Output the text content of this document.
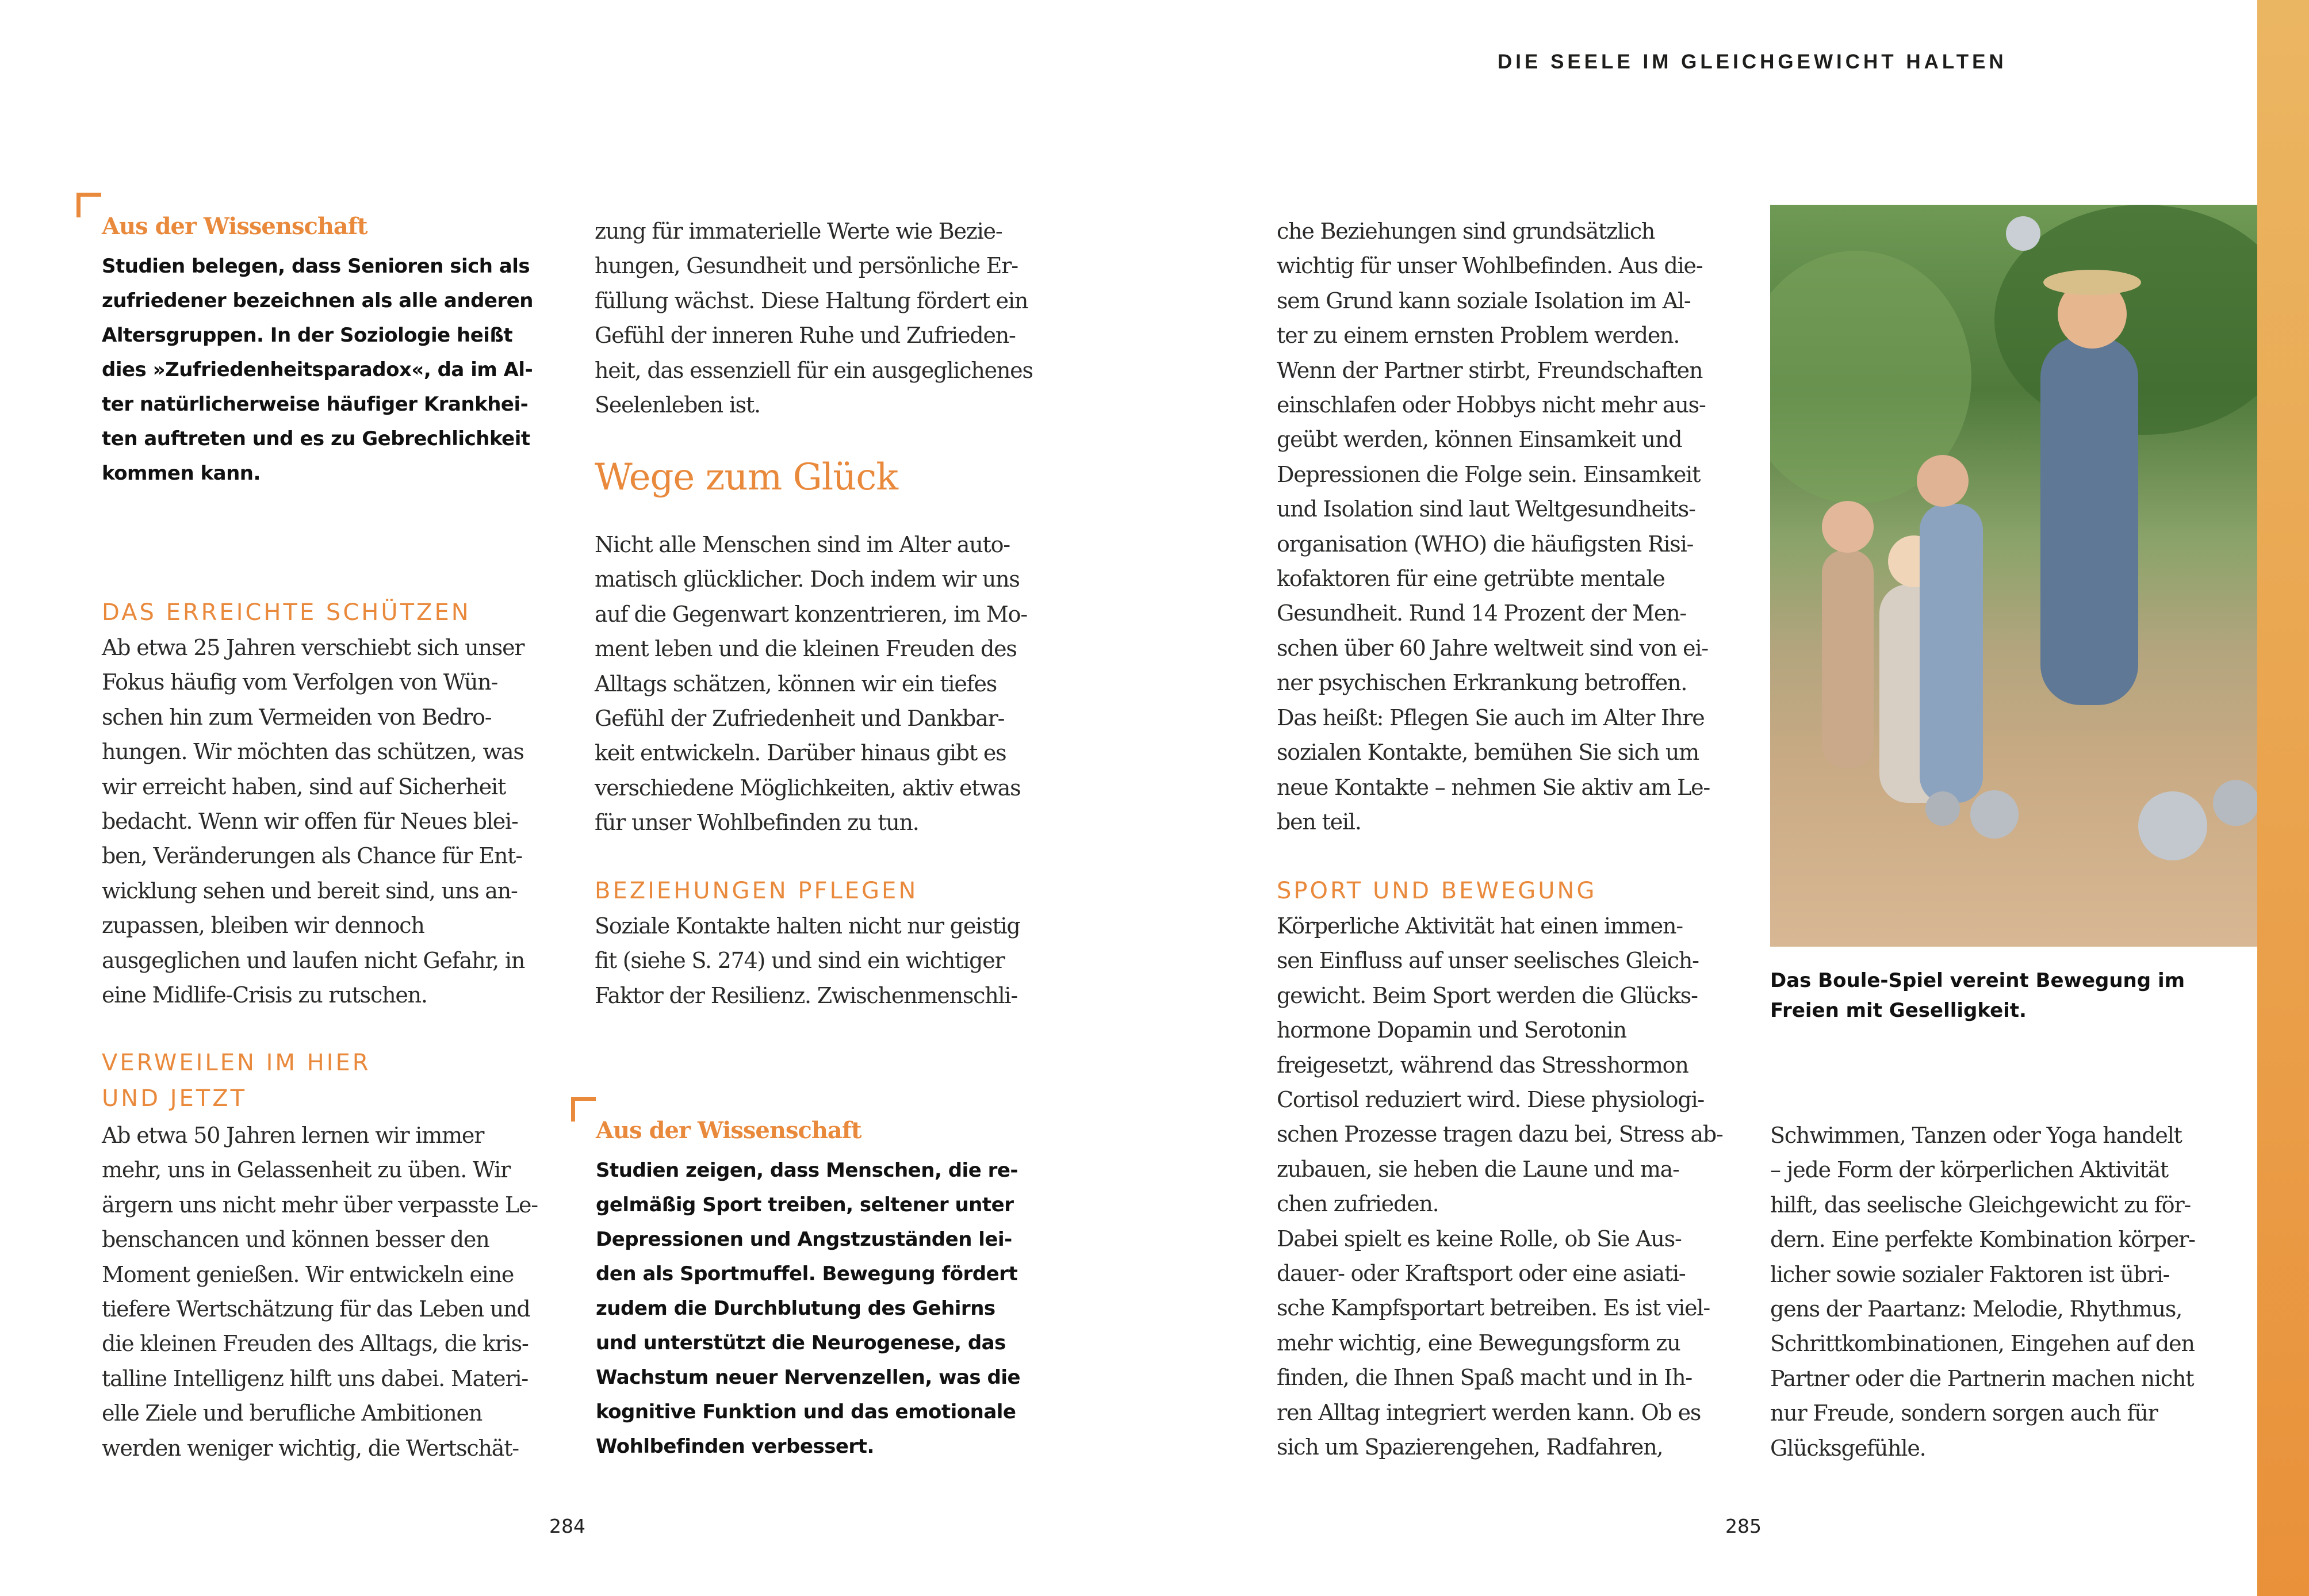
DIE SEELE IM GLEICHGEWICHT HALTEN
Aus der Wissenschaft
Studien belegen, dass Senioren sich als
zufriedener bezeichnen als alle anderen
Altersgruppen. In der Soziologie heißt
dies »Zufriedenheitsparadox«, da im Al-
ter natürlicherweise häufiger Krankhei-
ten auftreten und es zu Gebrechlichkeit
kommen kann.
DAS ERREICHTE SCHÜTZEN
Ab etwa 25 Jahren verschiebt sich unser
Fokus häufig vom Verfolgen von Wün-
schen hin zum Vermeiden von Bedro-
hungen. Wir möchten das schützen, was
wir erreicht haben, sind auf Sicherheit
bedacht. Wenn wir offen für Neues blei-
ben, Veränderungen als Chance für Ent-
wicklung sehen und bereit sind, uns an-
zupassen, bleiben wir dennoch
ausgeglichen und laufen nicht Gefahr, in
eine Midlife-Crisis zu rutschen.
VERWEILEN IM HIER
UND JETZT
Ab etwa 50 Jahren lernen wir immer
mehr, uns in Gelassenheit zu üben. Wir
ärgern uns nicht mehr über verpasste Le-
benschancen und können besser den
Moment genießen. Wir entwickeln eine
tiefere Wertschätzung für das Leben und
die kleinen Freuden des Alltags, die kris-
talline Intelligenz hilft uns dabei. Materi-
elle Ziele und berufliche Ambitionen
werden weniger wichtig, die Wertschät-
zung für immaterielle Werte wie Bezie-
hungen, Gesundheit und persönliche Er-
füllung wächst. Diese Haltung fördert ein
Gefühl der inneren Ruhe und Zufrieden-
heit, das essenziell für ein ausgeglichenes
Seelenleben ist.
Wege zum Glück
Nicht alle Menschen sind im Alter auto-
matisch glücklicher. Doch indem wir uns
auf die Gegenwart konzentrieren, im Mo-
ment leben und die kleinen Freuden des
Alltags schätzen, können wir ein tiefes
Gefühl der Zufriedenheit und Dankbar-
keit entwickeln. Darüber hinaus gibt es
verschiedene Möglichkeiten, aktiv etwas
für unser Wohlbefinden zu tun.
BEZIEHUNGEN PFLEGEN
Soziale Kontakte halten nicht nur geistig
fit (siehe S. 274) und sind ein wichtiger
Faktor der Resilienz. Zwischenmenschli-
Aus der Wissenschaft
Studien zeigen, dass Menschen, die re-
gelmäßig Sport treiben, seltener unter
Depressionen und Angstzuständen lei-
den als Sportmuffel. Bewegung fördert
zudem die Durchblutung des Gehirns
und unterstützt die Neurogenese, das
Wachstum neuer Nervenzellen, was die
kognitive Funktion und das emotionale
Wohlbefinden verbessert.
284
che Beziehungen sind grundsätzlich
wichtig für unser Wohlbefinden. Aus die-
sem Grund kann soziale Isolation im Al-
ter zu einem ernsten Problem werden.
Wenn der Partner stirbt, Freundschaften
einschlafen oder Hobbys nicht mehr aus-
geübt werden, können Einsamkeit und
Depressionen die Folge sein. Einsamkeit
und Isolation sind laut Weltgesundheits-
organisation (WHO) die häufigsten Risi-
kofaktoren für eine getrübte mentale
Gesundheit. Rund 14 Prozent der Men-
schen über 60 Jahre weltweit sind von ei-
ner psychischen Erkrankung betroffen.
Das heißt: Pflegen Sie auch im Alter Ihre
sozialen Kontakte, bemühen Sie sich um
neue Kontakte – nehmen Sie aktiv am Le-
ben teil.
SPORT UND BEWEGUNG
Körperliche Aktivität hat einen immen-
sen Einfluss auf unser seelisches Gleich-
gewicht. Beim Sport werden die Glücks-
hormone Dopamin und Serotonin
freigesetzt, während das Stresshormon
Cortisol reduziert wird. Diese physiologi-
schen Prozesse tragen dazu bei, Stress ab-
zubauen, sie heben die Laune und ma-
chen zufrieden.
Dabei spielt es keine Rolle, ob Sie Aus-
dauer- oder Kraftsport oder eine asiati-
sche Kampfsportart betreiben. Es ist viel-
mehr wichtig, eine Bewegungsform zu
finden, die Ihnen Spaß macht und in Ih-
ren Alltag integriert werden kann. Ob es
sich um Spazierengehen, Radfahren,
Das Boule-Spiel vereint Bewegung im
Freien mit Geselligkeit.
Schwimmen, Tanzen oder Yoga handelt
– jede Form der körperlichen Aktivität
hilft, das seelische Gleichgewicht zu för-
dern. Eine perfekte Kombination körper-
licher sowie sozialer Faktoren ist übri-
gens der Paartanz: Melodie, Rhythmus,
Schrittkombinationen, Eingehen auf den
Partner oder die Partnerin machen nicht
nur Freude, sondern sorgen auch für
Glücksgefühle.
285
